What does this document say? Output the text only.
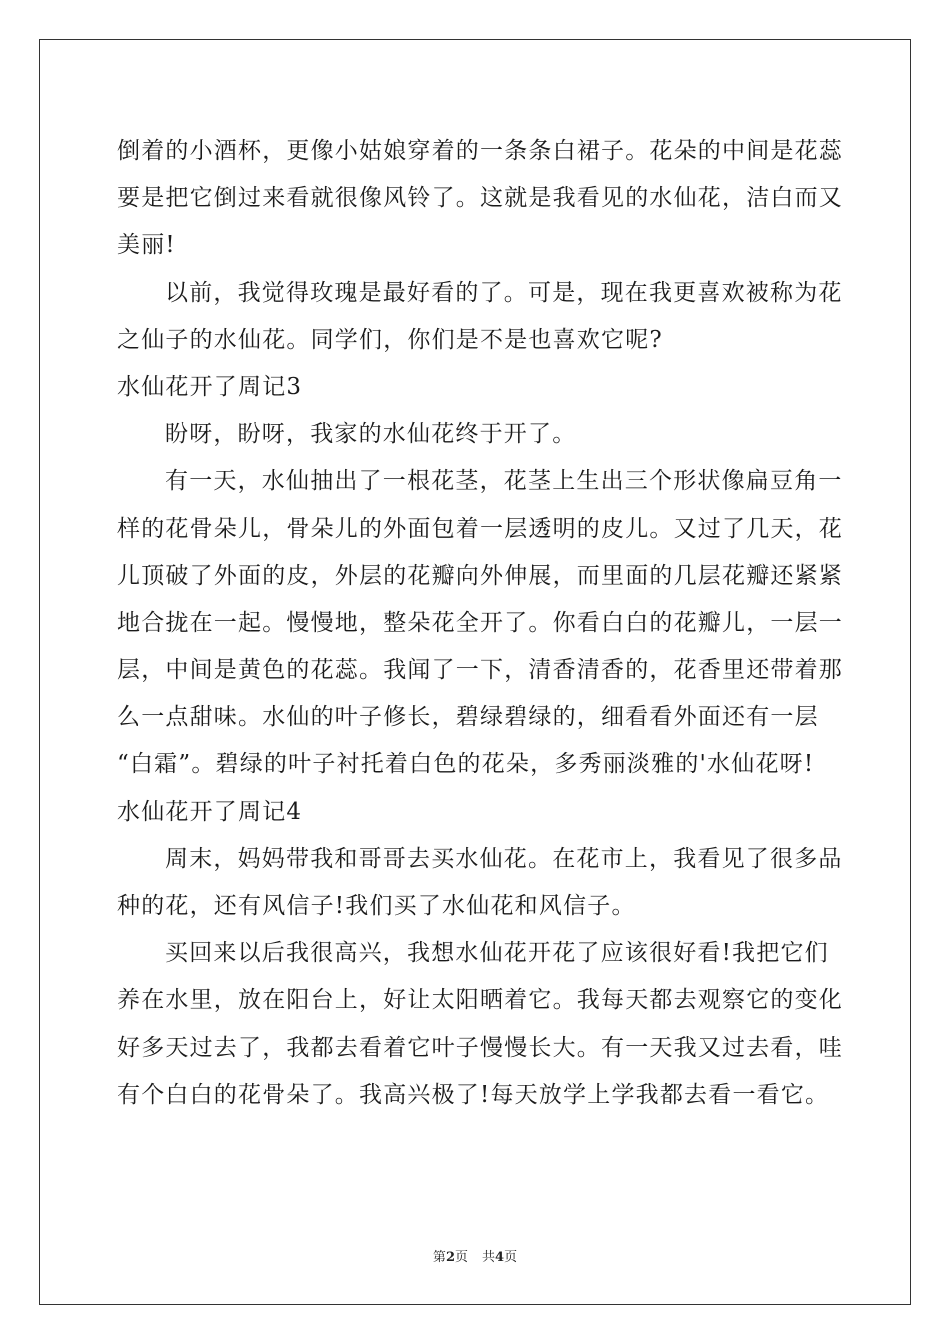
倒着的小酒杯，更像小姑娘穿着的一条条白裙子。花朵的中间是花蕊
要是把它倒过来看就很像风铃了。这就是我看见的水仙花，洁白而又
美丽!
以前，我觉得玫瑰是最好看的了。可是，现在我更喜欢被称为花
之仙子的水仙花。同学们，你们是不是也喜欢它呢?
水仙花开了周记3
盼呀，盼呀，我家的水仙花终于开了。
有一天，水仙抽出了一根花茎，花茎上生出三个形状像扁豆角一
样的花骨朵儿，骨朵儿的外面包着一层透明的皮儿。又过了几天，花
儿顶破了外面的皮，外层的花瓣向外伸展，而里面的几层花瓣还紧紧
地合拢在一起。慢慢地，整朵花全开了。你看白白的花瓣儿，一层一
层，中间是黄色的花蕊。我闻了一下，清香清香的，花香里还带着那
么一点甜味。水仙的叶子修长，碧绿碧绿的，细看看外面还有一层
“白霜”。碧绿的叶子衬托着白色的花朵，多秀丽淡雅的'水仙花呀!
水仙花开了周记4
周末，妈妈带我和哥哥去买水仙花。在花市上，我看见了很多品
种的花，还有风信子!我们买了水仙花和风信子。
买回来以后我很高兴，我想水仙花开花了应该很好看!我把它们
养在水里，放在阳台上，好让太阳晒着它。我每天都去观察它的变化
好多天过去了，我都去看着它叶子慢慢长大。有一天我又过去看，哇
有个白白的花骨朵了。我高兴极了!每天放学上学我都去看一看它。
第2页 共4页
